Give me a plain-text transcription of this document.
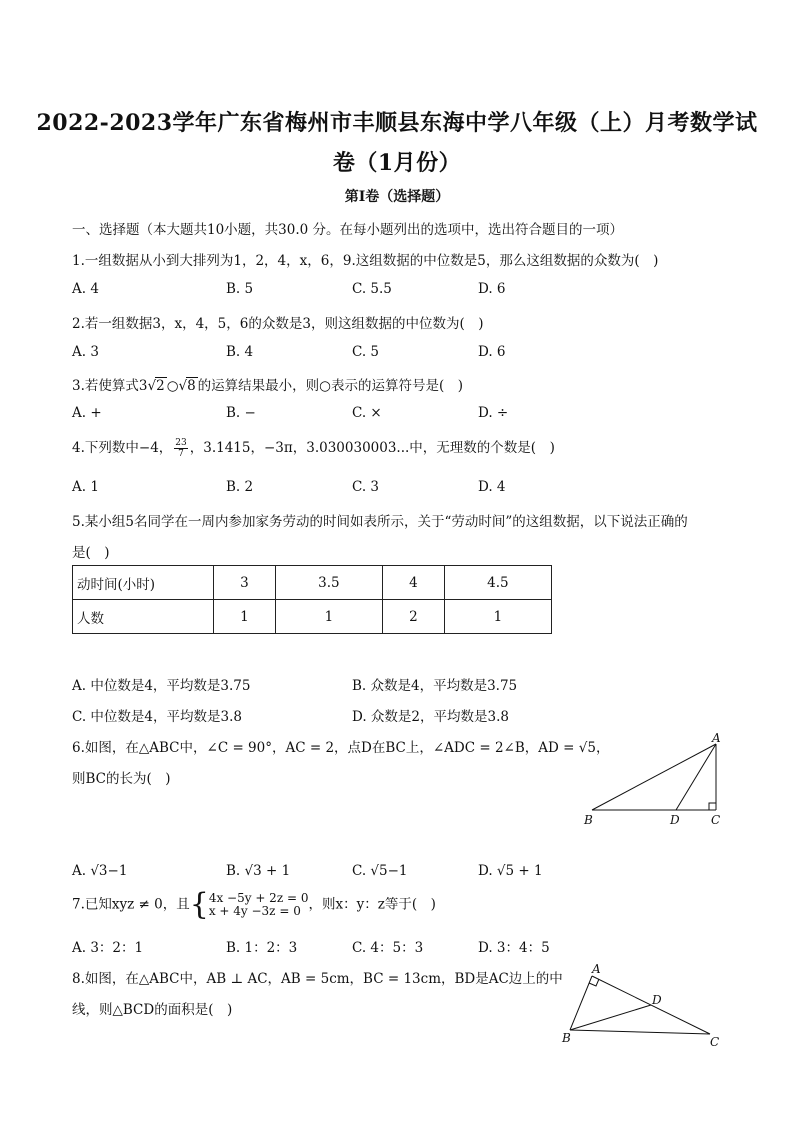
2022-2023学年广东省梅州市丰顺县东海中学八年级（上）月考数学试
卷（1月份）
第I卷（选择题）
一、选择题（本大题共10小题，共30.0 分。在每小题列出的选项中，选出符合题目的一项）
1.一组数据从小到大排列为1，2，4，x，6，9.这组数据的中位数是5，那么这组数据的众数为(　)
A. 4	B. 5	C. 5.5	D. 6
2.若一组数据3，x，4，5，6的众数是3，则这组数据的中位数为(　)
A. 3	B. 4	C. 5	D. 6
3.若使算式3√2 ○√8 的运算结果最小，则○表示的运算符号是(　)
A. +	B. −	C. ×	D. ÷
4.下列数中−4， $\frac{23}{7}$ ，3.1415，−3π，3.030030003...中，无理数的个数是(　)
A. 1	B. 2	C. 3	D. 4
5.某小组5名同学在一周内参加家务劳动的时间如表所示，关于“劳动时间”的这组数据，以下说法正确的
是(　)
动时间(小时)	3	3.5	4	4.5
人数	1	1	2	1
A. 中位数是4，平均数是3.75	B. 众数是4，平均数是3.75
C. 中位数是4，平均数是3.8	D. 众数是2，平均数是3.8
6.如图，在△ABC中，∠C = 90°，AC = 2，点D在BC上，∠ADC = 2∠B，AD = √5，
则BC的长为(　)
A
B	D	C
A. √3−1	B. √3 + 1	C. √5−1	D. √5 + 1
7.已知xyz ≠ 0，且{ 4x −5y + 2z = 0
x + 4y −3z = 0 ，则x：y：z等于(　)
A. 3：2：1	B. 1：2：3	C. 4：5：3	D. 3：4：5
8.如图，在△ABC中，AB ⊥ AC，AB = 5cm，BC = 13cm，BD是AC边上的中
线，则△BCD的面积是(　)
A
D
B	C
